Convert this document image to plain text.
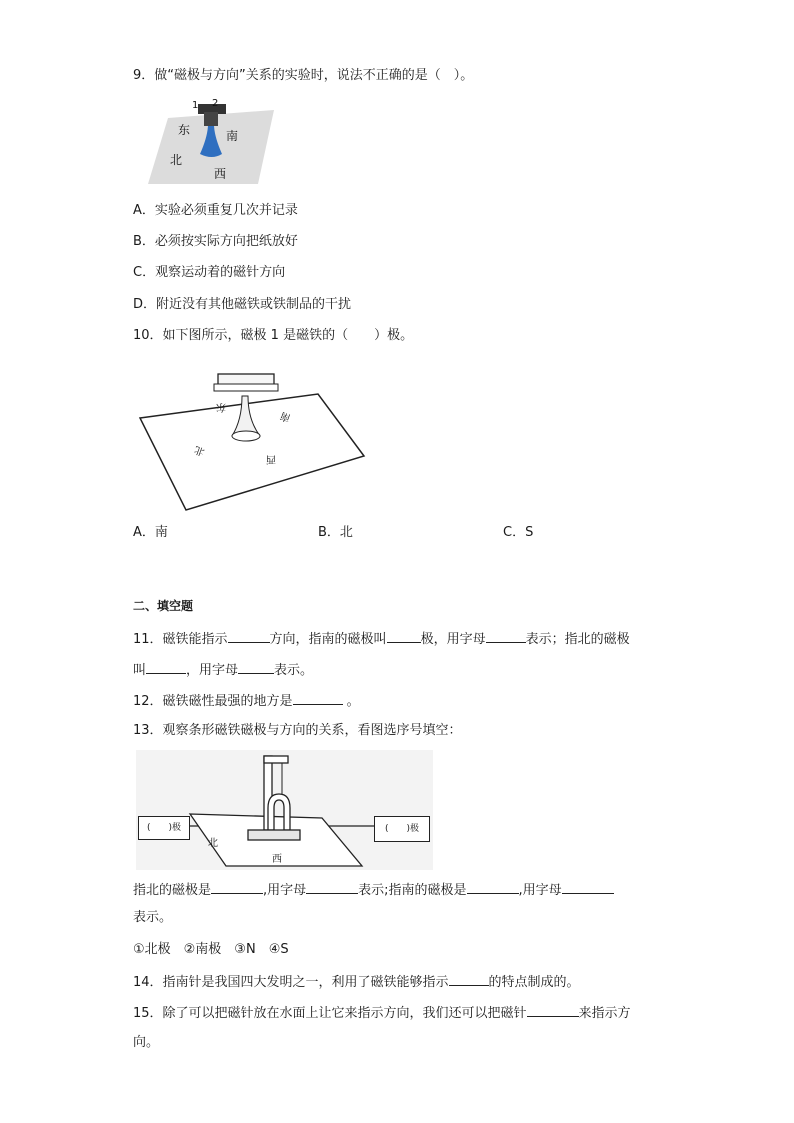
9．做“磁极与方向”关系的实验时，说法不正确的是（　）。
1 2
东	南
北
西
A．实验必须重复几次并记录
B．必须按实际方向把纸放好
C．观察运动着的磁针方向
D．附近没有其他磁铁或铁制品的干扰
10．如下图所示，磁极 1 是磁铁的（　　）极。
东
南
北
西
A．南	B．北	C．S
二、填空题
11．磁铁能指示	方向，指南的磁极叫	极，用字母	表示；指北的磁极
叫	，用字母	表示。
12．磁铁磁性最强的地方是	。
13．观察条形磁铁磁极与方向的关系，看图选序号填空：
北
西
(　　)极	(　　)极
指北的磁极是	,用字母	表示;指南的磁极是	,用字母
表示。
①北极　②南极　③N　④S
14．指南针是我国四大发明之一，利用了磁铁能够指示	的特点制成的。
15．除了可以把磁针放在水面上让它来指示方向，我们还可以把磁针	来指示方
向。
